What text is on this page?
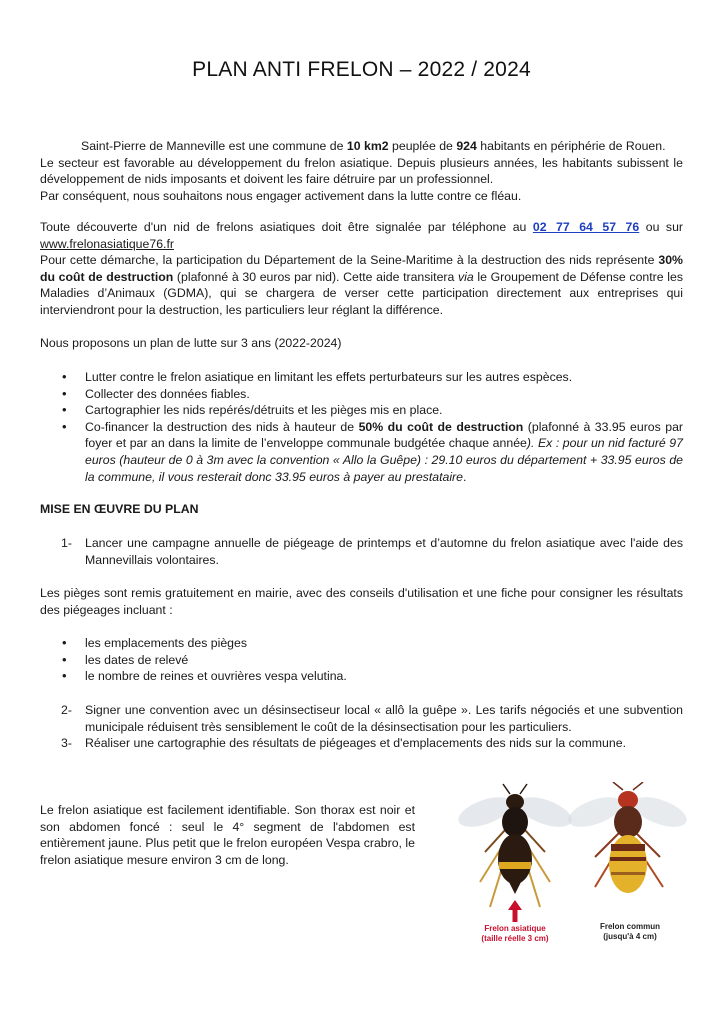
PLAN ANTI FRELON – 2022 / 2024

Saint-Pierre de Manneville est une commune de 10 km2 peuplée de 924 habitants en périphérie de Rouen.

Le secteur est favorable au développement du frelon asiatique. Depuis plusieurs années, les habitants subissent le développement de nids imposants et doivent les faire détruire par un professionnel.

Par conséquent, nous souhaitons nous engager activement dans la lutte contre ce fléau.

Toute découverte d'un nid de frelons asiatiques doit être signalée par téléphone au 02 77 64 57 76 ou sur www.frelonasiatique76.fr

Pour cette démarche, la participation du Département de la Seine-Maritime à la destruction des nids représente 30% du coût de destruction (plafonné à 30 euros par nid). Cette aide transitera via le Groupement de Défense contre les Maladies d’Animaux (GDMA), qui se chargera de verser cette participation directement aux entreprises qui interviendront pour la destruction, les particuliers leur réglant la différence.

Nous proposons un plan de lutte sur 3 ans (2022-2024)
• Lutter contre le frelon asiatique en limitant les effets perturbateurs sur les autres espèces.
• Collecter des données fiables.
• Cartographier les nids repérés/détruits et les pièges mis en place.
• Co-financer la destruction des nids à hauteur de 50% du coût de destruction (plafonné à 33.95 euros par foyer et par an dans la limite de l’enveloppe communale budgétée chaque année). Ex : pour un nid facturé 97 euros (hauteur de 0 à 3m avec la convention « Allo la Guêpe) : 29.10 euros du département + 33.95 euros de la commune, il vous resterait donc 33.95 euros à payer au prestataire.
MISE EN ŒUVRE DU PLAN
1- Lancer une campagne annuelle de piégeage de printemps et d’automne du frelon asiatique avec l'aide des Mannevillais volontaires.
Les pièges sont remis gratuitement en mairie, avec des conseils d'utilisation et une fiche pour consigner les résultats des piégeages incluant :
• les emplacements des pièges
• les dates de relevé
• le nombre de reines et ouvrières vespa velutina.
2- Signer une convention avec un désinsectiseur local « allô la guêpe ». Les tarifs négociés et une subvention municipale réduisent très sensiblement le coût de la désinsectisation pour les particuliers.
3- Réaliser une cartographie des résultats de piégeages et d'emplacements des nids sur la commune.
Le frelon asiatique est facilement identifiable. Son thorax est noir et son abdomen foncé : seul le 4° segment de l'abdomen est entièrement jaune. Plus petit que le frelon européen Vespa crabro, le frelon asiatique mesure environ 3 cm de long.
Frelon asiatique
(taille réelle 3 cm)
Frelon commun
(jusqu'à 4 cm)
